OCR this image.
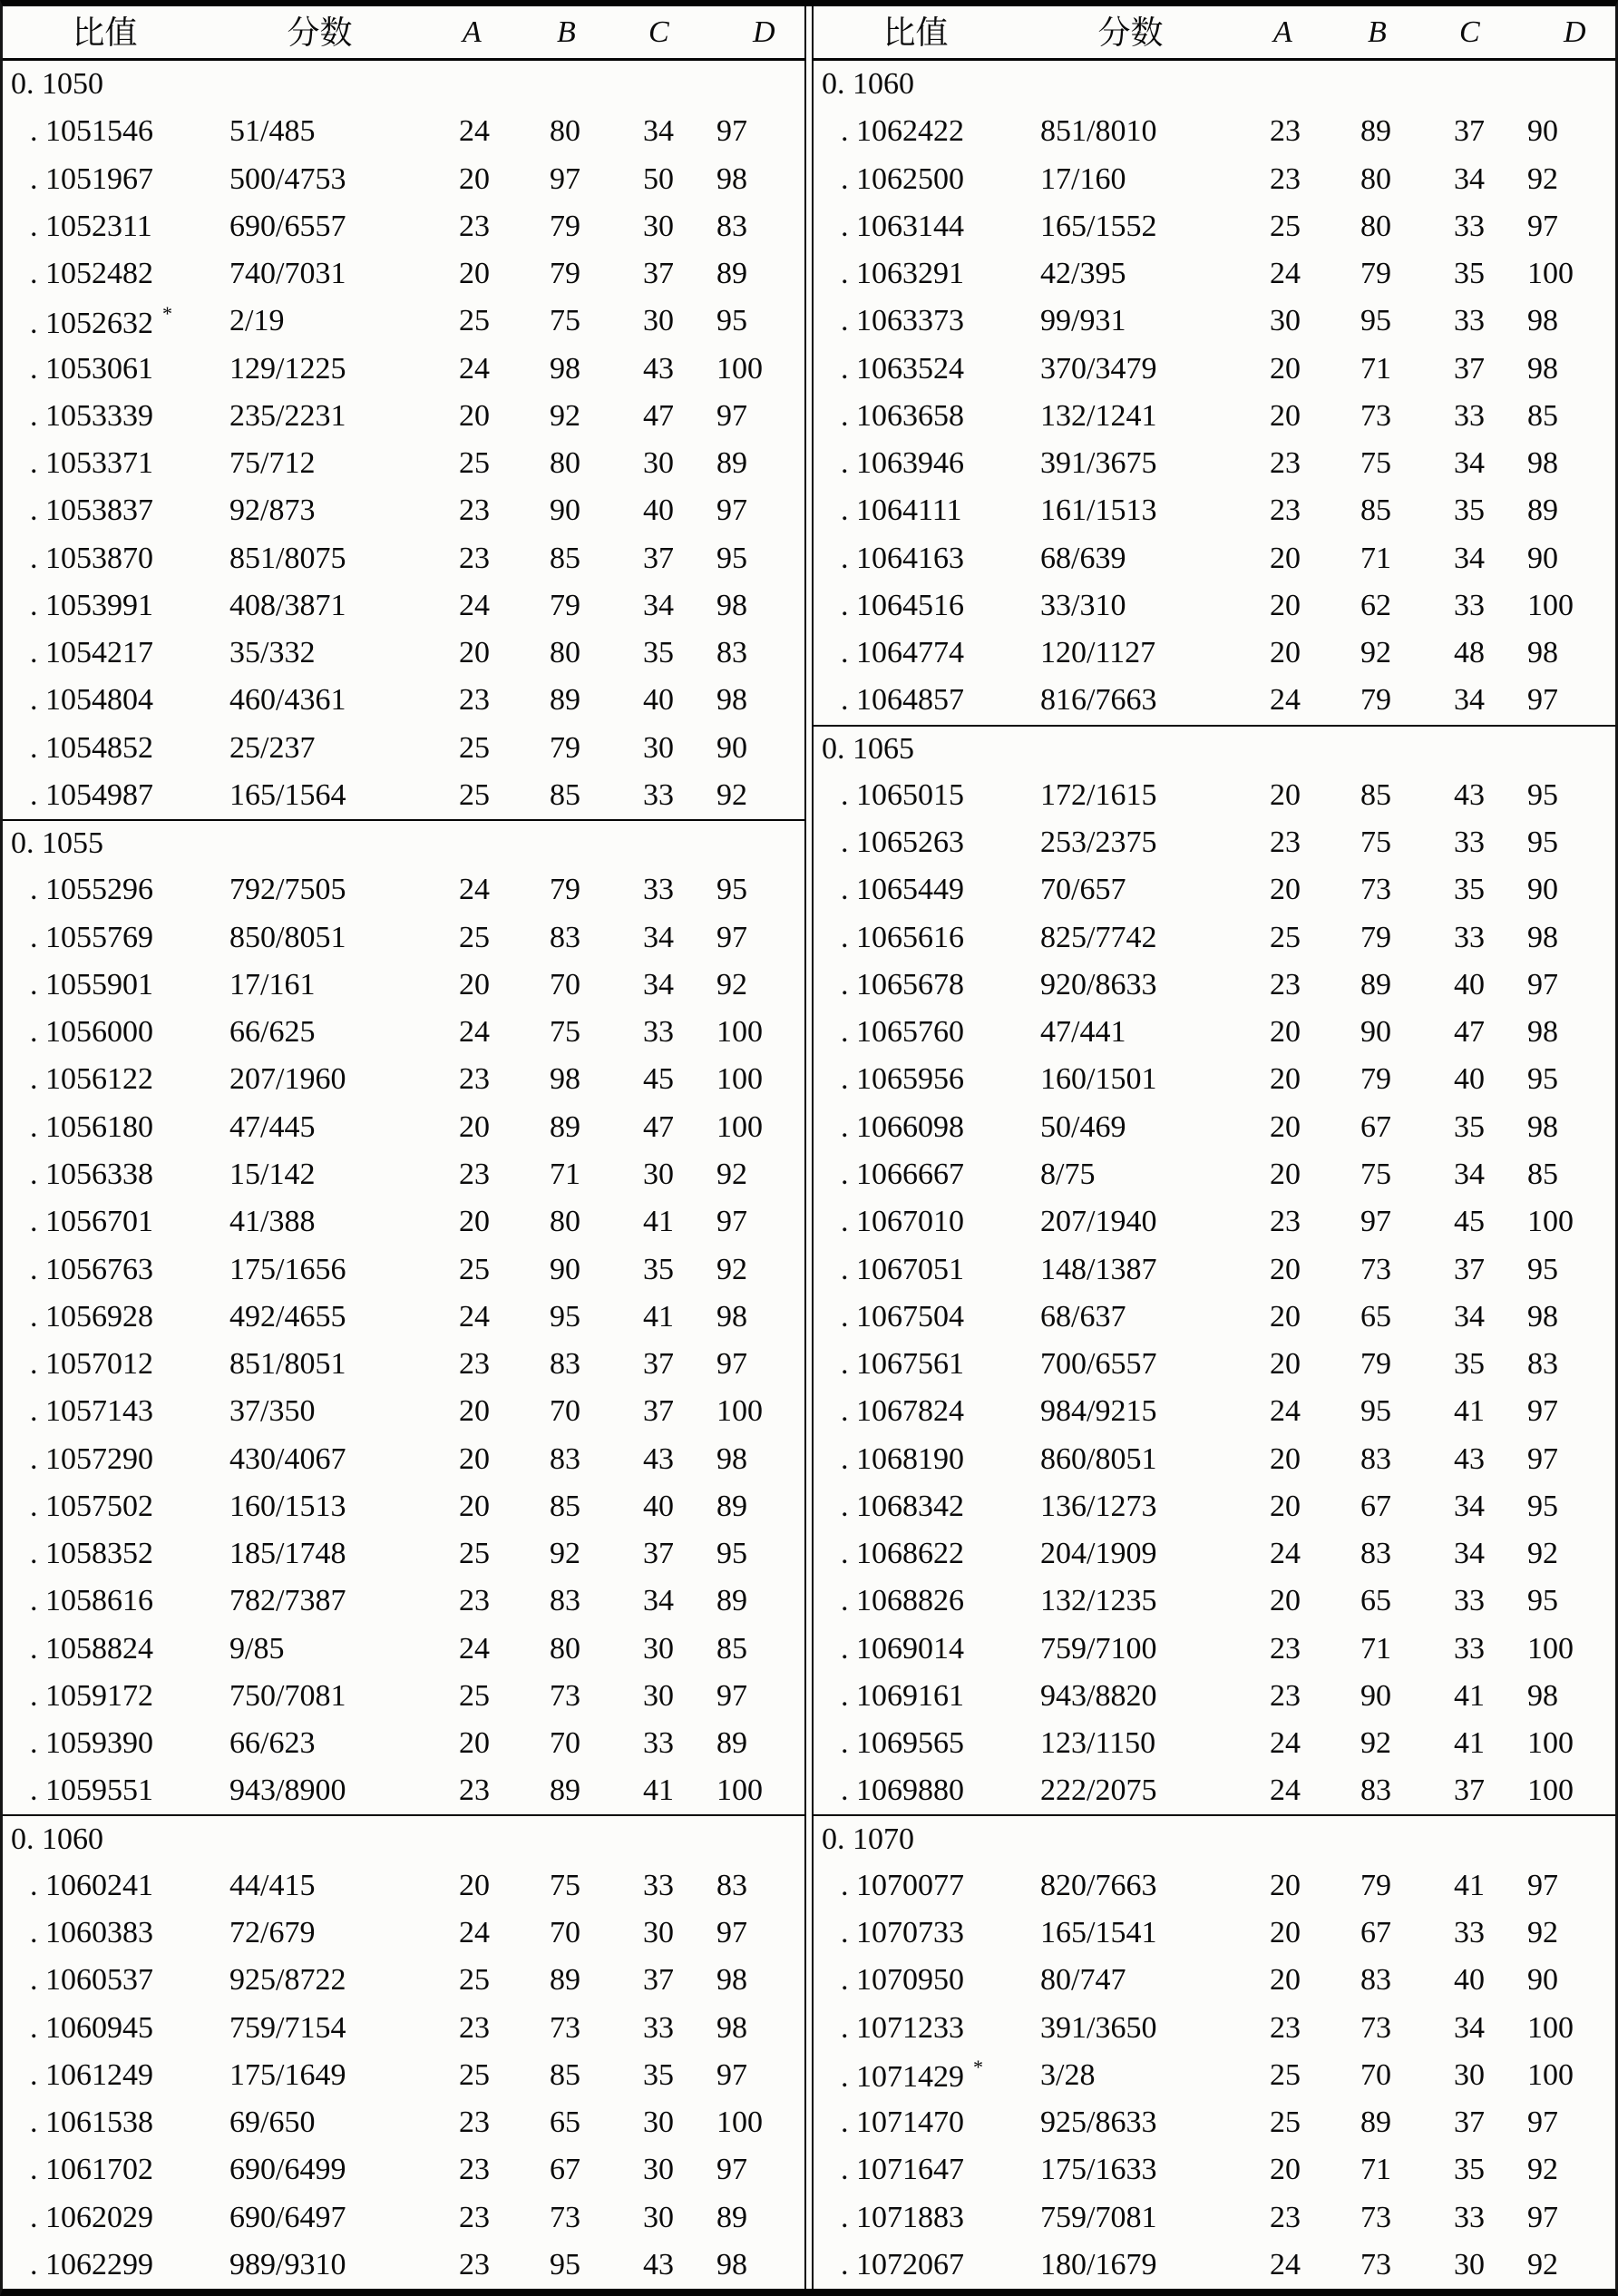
比值	分数	A	B	C	D
0. 1050
. 1051546	51/485	24	80	34	97
. 1051967	500/4753	20	97	50	98
. 1052311	690/6557	23	79	30	83
. 1052482	740/7031	20	79	37	89
. 1052632 *	2/19	25	75	30	95
. 1053061	129/1225	24	98	43	100
. 1053339	235/2231	20	92	47	97
. 1053371	75/712	25	80	30	89
. 1053837	92/873	23	90	40	97
. 1053870	851/8075	23	85	37	95
. 1053991	408/3871	24	79	34	98
. 1054217	35/332	20	80	35	83
. 1054804	460/4361	23	89	40	98
. 1054852	25/237	25	79	30	90
. 1054987	165/1564	25	85	33	92
0. 1055
. 1055296	792/7505	24	79	33	95
. 1055769	850/8051	25	83	34	97
. 1055901	17/161	20	70	34	92
. 1056000	66/625	24	75	33	100
. 1056122	207/1960	23	98	45	100
. 1056180	47/445	20	89	47	100
. 1056338	15/142	23	71	30	92
. 1056701	41/388	20	80	41	97
. 1056763	175/1656	25	90	35	92
. 1056928	492/4655	24	95	41	98
. 1057012	851/8051	23	83	37	97
. 1057143	37/350	20	70	37	100
. 1057290	430/4067	20	83	43	98
. 1057502	160/1513	20	85	40	89
. 1058352	185/1748	25	92	37	95
. 1058616	782/7387	23	83	34	89
. 1058824	9/85	24	80	30	85
. 1059172	750/7081	25	73	30	97
. 1059390	66/623	20	70	33	89
. 1059551	943/8900	23	89	41	100
0. 1060
. 1060241	44/415	20	75	33	83
. 1060383	72/679	24	70	30	97
. 1060537	925/8722	25	89	37	98
. 1060945	759/7154	23	73	33	98
. 1061249	175/1649	25	85	35	97
. 1061538	69/650	23	65	30	100
. 1061702	690/6499	23	67	30	97
. 1062029	690/6497	23	73	30	89
. 1062299	989/9310	23	95	43	98
比值	分数	A	B	C	D
0. 1060
. 1062422	851/8010	23	89	37	90
. 1062500	17/160	23	80	34	92
. 1063144	165/1552	25	80	33	97
. 1063291	42/395	24	79	35	100
. 1063373	99/931	30	95	33	98
. 1063524	370/3479	20	71	37	98
. 1063658	132/1241	20	73	33	85
. 1063946	391/3675	23	75	34	98
. 1064111	161/1513	23	85	35	89
. 1064163	68/639	20	71	34	90
. 1064516	33/310	20	62	33	100
. 1064774	120/1127	20	92	48	98
. 1064857	816/7663	24	79	34	97
0. 1065
. 1065015	172/1615	20	85	43	95
. 1065263	253/2375	23	75	33	95
. 1065449	70/657	20	73	35	90
. 1065616	825/7742	25	79	33	98
. 1065678	920/8633	23	89	40	97
. 1065760	47/441	20	90	47	98
. 1065956	160/1501	20	79	40	95
. 1066098	50/469	20	67	35	98
. 1066667	8/75	20	75	34	85
. 1067010	207/1940	23	97	45	100
. 1067051	148/1387	20	73	37	95
. 1067504	68/637	20	65	34	98
. 1067561	700/6557	20	79	35	83
. 1067824	984/9215	24	95	41	97
. 1068190	860/8051	20	83	43	97
. 1068342	136/1273	20	67	34	95
. 1068622	204/1909	24	83	34	92
. 1068826	132/1235	20	65	33	95
. 1069014	759/7100	23	71	33	100
. 1069161	943/8820	23	90	41	98
. 1069565	123/1150	24	92	41	100
. 1069880	222/2075	24	83	37	100
0. 1070
. 1070077	820/7663	20	79	41	97
. 1070733	165/1541	20	67	33	92
. 1070950	80/747	20	83	40	90
. 1071233	391/3650	23	73	34	100
. 1071429 *	3/28	25	70	30	100
. 1071470	925/8633	25	89	37	97
. 1071647	175/1633	20	71	35	92
. 1071883	759/7081	23	73	33	97
. 1072067	180/1679	24	73	30	92
